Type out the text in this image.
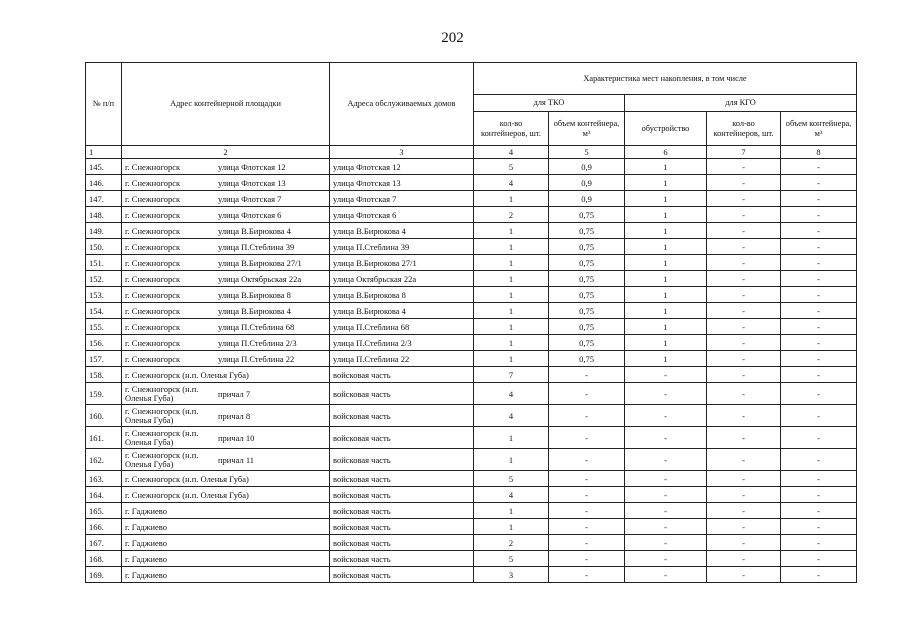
202
№ п/п	Адрес контейнерной площадки	Адреса обслуживаемых домов	Характеристика мест накопления, в том числе				
			для ТКО		для КГО		
			кол-во контейнеров, шт.	объем контейнера, м³	обустройство	кол-во контейнеров, шт.	объем контейнера, м³
1	2	3	4	5	6	7	8
145.	г. Снежногорск улица Флотская 12	улица Флотская 12	5	0,9	1	-	-
146.	г. Снежногорск улица Флотская 13	улица Флотская 13	4	0,9	1	-	-
147.	г. Снежногорск улица Флотская 7	улица Флотская 7	1	0,9	1	-	-
148.	г. Снежногорск улица Флотская 6	улица Флотская 6	2	0,75	1	-	-
149.	г. Снежногорск улица В.Бирюкова 4	улица В.Бирюкова 4	1	0,75	1	-	-
150.	г. Снежногорск улица П.Стеблина 39	улица П.Стеблина 39	1	0,75	1	-	-
151.	г. Снежногорск улица В.Бирюкова 27/1	улица В.Бирюкова 27/1	1	0,75	1	-	-
152.	г. Снежногорск улица Октябрьская 22а	улица Октябрьская 22а	1	0,75	1	-	-
153.	г. Снежногорск улица В.Бирюкова 8	улица В.Бирюкова 8	1	0,75	1	-	-
154.	г. Снежногорск улица В.Бирюкова 4	улица В.Бирюкова 4	1	0,75	1	-	-
155.	г. Снежногорск улица П.Стеблина 68	улица П.Стеблина 68	1	0,75	1	-	-
156.	г. Снежногорск улица П.Стеблина 2/3	улица П.Стеблина 2/3	1	0,75	1	-	-
157.	г. Снежногорск улица П.Стеблина 22	улица П.Стеблина 22	1	0,75	1	-	-
158.	г. Снежногорск (н.п. Оленья Губа)	войсковая часть	7	-	-	-	-
159.	г. Снежногорск (н.п. Оленья Губа) причал 7	войсковая часть	4	-	-	-	-
160.	г. Снежногорск (н.п. Оленья Губа) причал 8	войсковая часть	4	-	-	-	-
161.	г. Снежногорск (н.п. Оленья Губа) причал 10	войсковая часть	1	-	-	-	-
162.	г. Снежногорск (н.п. Оленья Губа) причал 11	войсковая часть	1	-	-	-	-
163.	г. Снежногорск (н.п. Оленья Губа)	войсковая часть	5	-	-	-	-
164.	г. Снежногорск (н.п. Оленья Губа)	войсковая часть	4	-	-	-	-
165.	г. Гаджиево	войсковая часть	1	-	-	-	-
166.	г. Гаджиево	войсковая часть	1	-	-	-	-
167.	г. Гаджиево	войсковая часть	2	-	-	-	-
168.	г. Гаджиево	войсковая часть	5	-	-	-	-
169.	г. Гаджиево	войсковая часть	3	-	-	-	-
